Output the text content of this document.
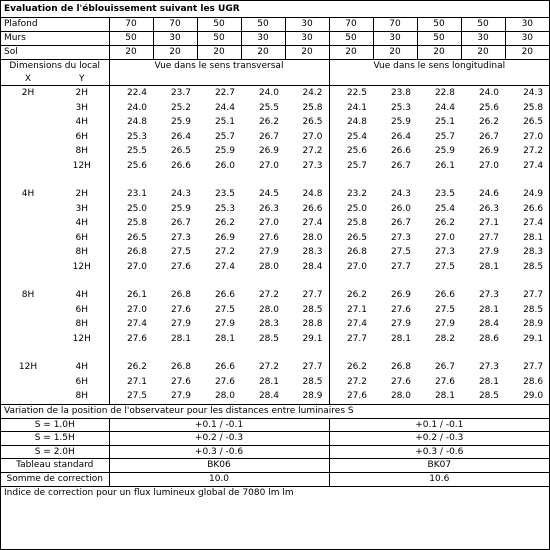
Evaluation de l'éblouissement suivant les UGR											
Plafond		70	70	50	50	30	70	70	50	50	30
Murs		50	30	50	30	30	50	30	50	30	30
Sol		20	20	20	20	20	20	20	20	20	20
Dimensions du local		Vue dans le sens transversal					Vue dans le sens longitudinal				
X	Y										
2H	2H	22.4	23.7	22.7	24.0	24.2	22.5	23.8	22.8	24.0	24.3
	3H	24.0	25.2	24.4	25.5	25.8	24.1	25.3	24.4	25.6	25.8
	4H	24.8	25.9	25.1	26.2	26.5	24.8	25.9	25.1	26.2	26.5
	6H	25.3	26.4	25.7	26.7	27.0	25.4	26.4	25.7	26.7	27.0
	8H	25.5	26.5	25.9	26.9	27.2	25.6	26.6	25.9	26.9	27.2
	12H	25.6	26.6	26.0	27.0	27.3	25.7	26.7	26.1	27.0	27.4

4H	2H	23.1	24.3	23.5	24.5	24.8	23.2	24.3	23.5	24.6	24.9
	3H	25.0	25.9	25.3	26.3	26.6	25.0	26.0	25.4	26.3	26.6
	4H	25.8	26.7	26.2	27.0	27.4	25.8	26.7	26.2	27.1	27.4
	6H	26.5	27.3	26.9	27.6	28.0	26.5	27.3	27.0	27.7	28.1
	8H	26.8	27.5	27.2	27.9	28.3	26.8	27.5	27.3	27.9	28.3
	12H	27.0	27.6	27.4	28.0	28.4	27.0	27.7	27.5	28.1	28.5

8H	4H	26.1	26.8	26.6	27.2	27.7	26.2	26.9	26.6	27.3	27.7
	6H	27.0	27.6	27.5	28.0	28.5	27.1	27.6	27.5	28.1	28.5
	8H	27.4	27.9	27.9	28.3	28.8	27.4	27.9	27.9	28.4	28.9
	12H	27.6	28.1	28.1	28.5	29.1	27.7	28.1	28.2	28.6	29.1

12H	4H	26.2	26.8	26.6	27.2	27.7	26.2	26.8	26.7	27.3	27.7
	6H	27.1	27.6	27.6	28.1	28.5	27.2	27.6	27.6	28.1	28.6
	8H	27.5	27.9	28.0	28.4	28.9	27.6	28.0	28.1	28.5	29.0
Variation de la position de l'observateur pour les distances entre luminaires S											
S = 1.0H		+0.1 / -0.1					+0.1 / -0.1				
S = 1.5H		+0.2 / -0.3					+0.2 / -0.3				
S = 2.0H		+0.3 / -0.6					+0.3 / -0.6				
Tableau standard		BK06					BK07				
Somme de correction		10.0					10.6				
Indice de correction pour un flux lumineux global de 7080 lm lm											
